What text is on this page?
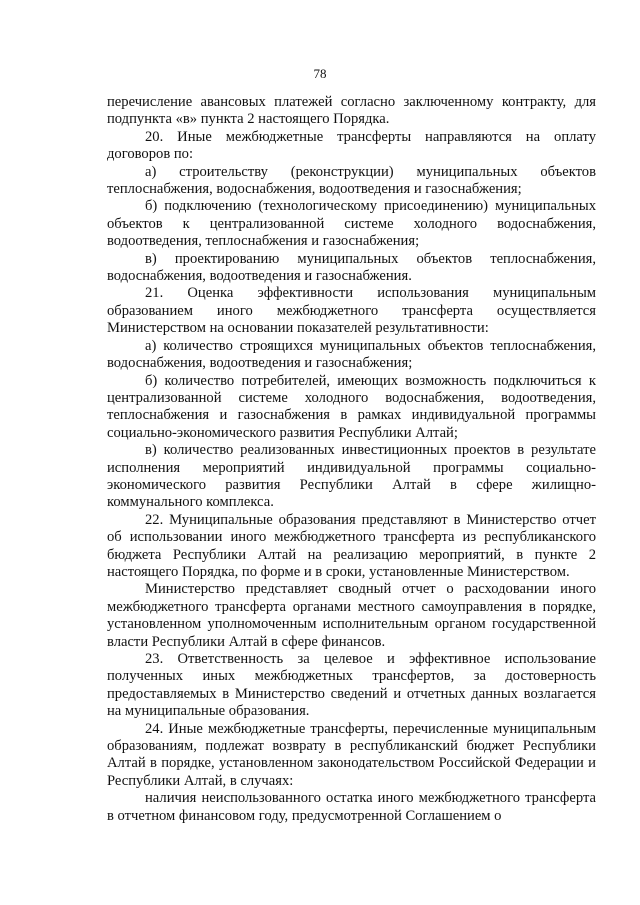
78

перечисление авансовых платежей согласно заключенному контракту, для подпункта «в» пункта 2 настоящего Порядка.

20. Иные межбюджетные трансферты направляются на оплату договоров по:

а) строительству (реконструкции) муниципальных объектов теплоснабжения, водоснабжения, водоотведения и газоснабжения;

б) подключению (технологическому присоединению) муниципальных объектов к централизованной системе холодного водоснабжения, водоотведения, теплоснабжения и газоснабжения;

в) проектированию муниципальных объектов теплоснабжения, водоснабжения, водоотведения и газоснабжения.

21. Оценка эффективности использования муниципальным образованием иного межбюджетного трансферта осуществляется Министерством на основании показателей результативности:

а) количество строящихся муниципальных объектов теплоснабжения, водоснабжения, водоотведения и газоснабжения;

б) количество потребителей, имеющих возможность подключиться к централизованной системе холодного водоснабжения, водоотведения, теплоснабжения и газоснабжения в рамках индивидуальной программы социально-экономического развития Республики Алтай;

в) количество реализованных инвестиционных проектов в результате исполнения мероприятий индивидуальной программы социально-экономического развития Республики Алтай в сфере жилищно-коммунального комплекса.

22. Муниципальные образования представляют в Министерство отчет об использовании иного межбюджетного трансферта из республиканского бюджета Республики Алтай на реализацию мероприятий, в пункте 2 настоящего Порядка, по форме и в сроки, установленные Министерством.

Министерство представляет сводный отчет о расходовании иного межбюджетного трансферта органами местного самоуправления в порядке, установленном уполномоченным исполнительным органом государственной власти Республики Алтай в сфере финансов.

23. Ответственность за целевое и эффективное использование полученных иных межбюджетных трансфертов, за достоверность предоставляемых в Министерство сведений и отчетных данных возлагается на муниципальные образования.

24. Иные межбюджетные трансферты, перечисленные муниципальным образованиям, подлежат возврату в республиканский бюджет Республики Алтай в порядке, установленном законодательством Российской Федерации и Республики Алтай, в случаях:

наличия неиспользованного остатка иного межбюджетного трансферта в отчетном финансовом году, предусмотренной Соглашением о
